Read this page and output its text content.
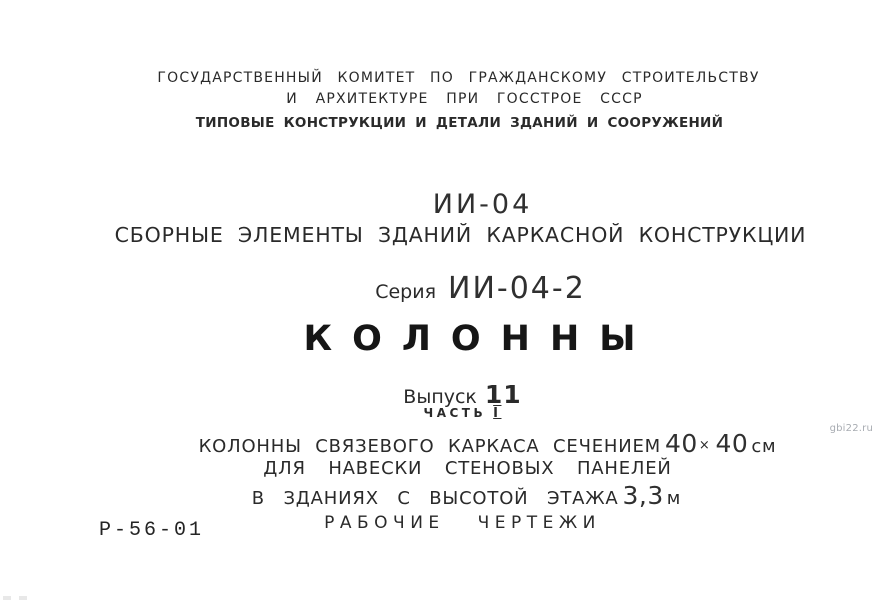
ГОСУДАРСТВЕННЫЙ КОМИТЕТ ПО ГРАЖДАНСКОМУ СТРОИТЕЛЬСТВУ
И АРХИТЕКТУРЕ ПРИ ГОССТРОЕ СССР
ТИПОВЫЕ КОНСТРУКЦИИ И ДЕТАЛИ ЗДАНИЙ И СООРУЖЕНИЙ
ИИ-04
СБОРНЫЕ ЭЛЕМЕНТЫ ЗДАНИЙ КАРКАСНОЙ КОНСТРУКЦИИ
Серия ИИ-04-2
КОЛОННЫ
Выпуск 11
ЧАСТЬ I
КОЛОННЫ СВЯЗЕВОГО КАРКАСА СЕЧЕНИЕМ 40× 40 см
ДЛЯ НАВЕСКИ СТЕНОВЫХ ПАНЕЛЕЙ
В ЗДАНИЯХ С ВЫСОТОЙ ЭТАЖА 3,3 м
РАБОЧИЕ ЧЕРТЕЖИ
Р-56-01
gbi22.ru
